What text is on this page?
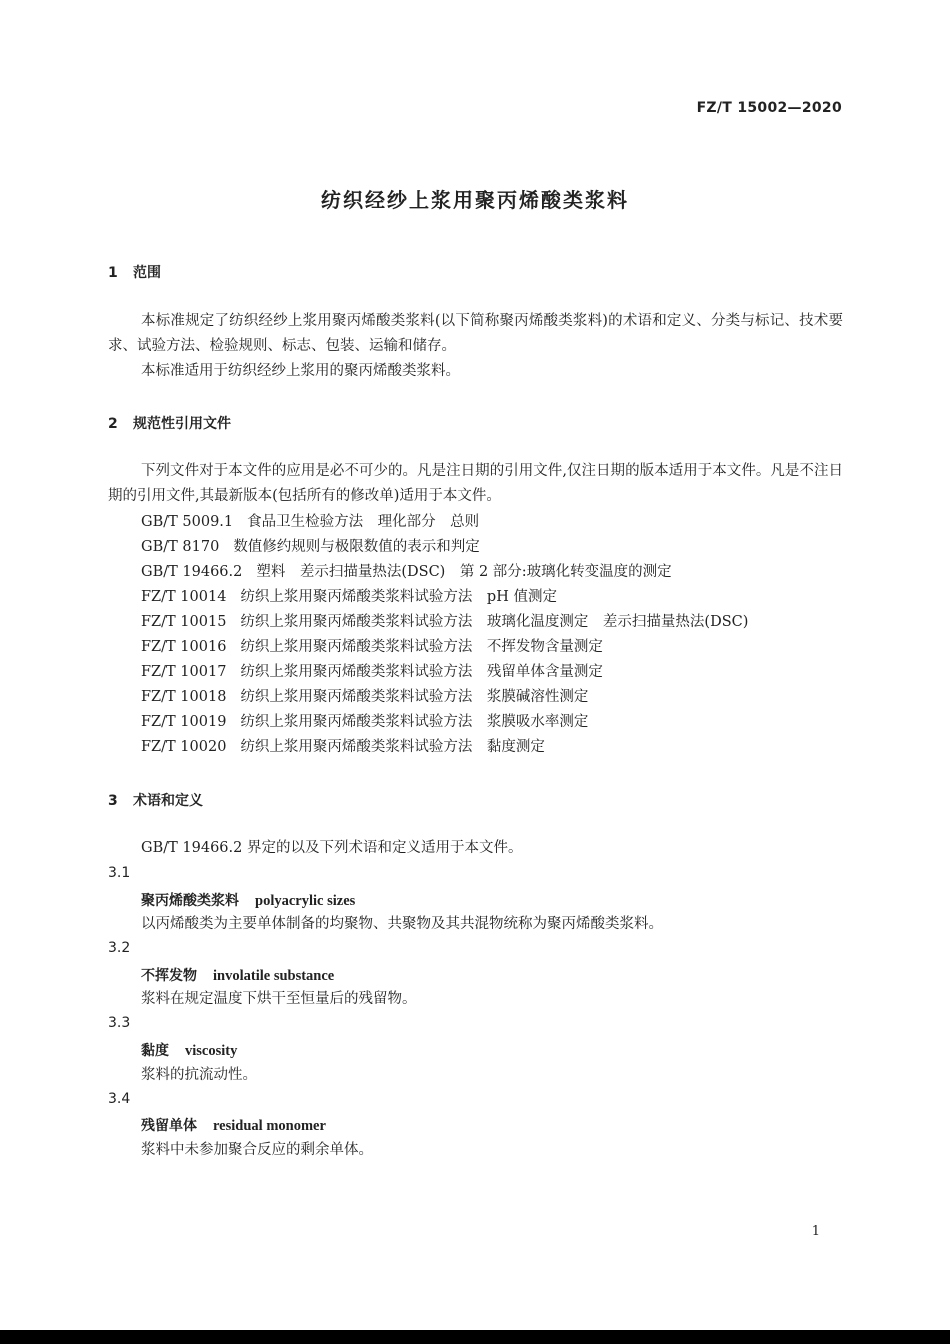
FZ/T 15002—2020
纺织经纱上浆用聚丙烯酸类浆料
1 范围
本标准规定了纺织经纱上浆用聚丙烯酸类浆料(以下简称聚丙烯酸类浆料)的术语和定义、分类与标记、技术要求、试验方法、检验规则、标志、包装、运输和储存。
本标准适用于纺织经纱上浆用的聚丙烯酸类浆料。
2 规范性引用文件
下列文件对于本文件的应用是必不可少的。凡是注日期的引用文件,仅注日期的版本适用于本文件。凡是不注日期的引用文件,其最新版本(包括所有的修改单)适用于本文件。
GB/T 5009.1 食品卫生检验方法　理化部分　总则
GB/T 8170 数值修约规则与极限数值的表示和判定
GB/T 19466.2 塑料　差示扫描量热法(DSC)　第 2 部分:玻璃化转变温度的测定
FZ/T 10014 纺织上浆用聚丙烯酸类浆料试验方法　pH 值测定
FZ/T 10015 纺织上浆用聚丙烯酸类浆料试验方法　玻璃化温度测定　差示扫描量热法(DSC)
FZ/T 10016 纺织上浆用聚丙烯酸类浆料试验方法　不挥发物含量测定
FZ/T 10017 纺织上浆用聚丙烯酸类浆料试验方法　残留单体含量测定
FZ/T 10018 纺织上浆用聚丙烯酸类浆料试验方法　浆膜碱溶性测定
FZ/T 10019 纺织上浆用聚丙烯酸类浆料试验方法　浆膜吸水率测定
FZ/T 10020 纺织上浆用聚丙烯酸类浆料试验方法　黏度测定
3 术语和定义
GB/T 19466.2 界定的以及下列术语和定义适用于本文件。
3.1
聚丙烯酸类浆料 polyacrylic sizes
以丙烯酸类为主要单体制备的均聚物、共聚物及其共混物统称为聚丙烯酸类浆料。
3.2
不挥发物 involatile substance
浆料在规定温度下烘干至恒量后的残留物。
3.3
黏度 viscosity
浆料的抗流动性。
3.4
残留单体 residual monomer
浆料中未参加聚合反应的剩余单体。
1
